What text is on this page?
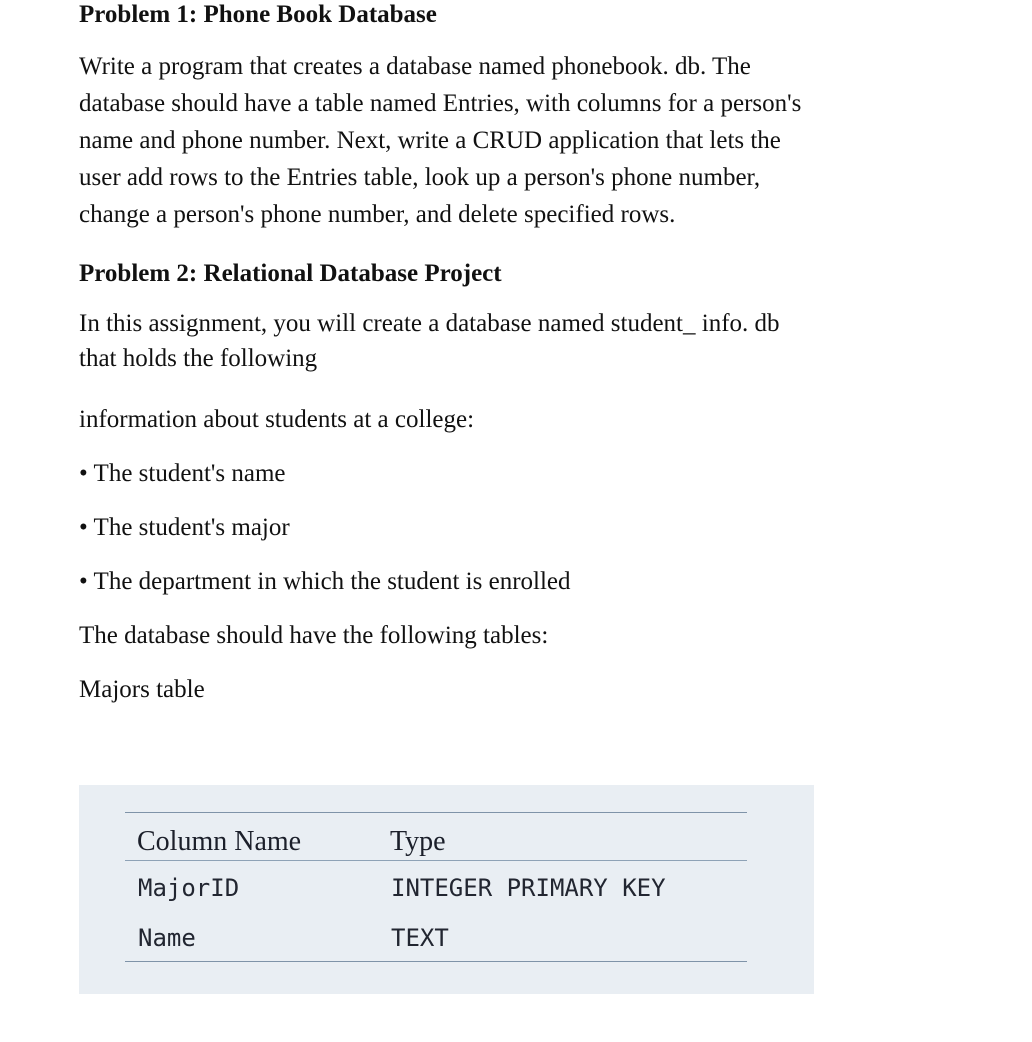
Problem 1: Phone Book Database
Write a program that creates a database named phonebook. db. The
database should have a table named Entries, with columns for a person's
name and phone number. Next, write a CRUD application that lets the
user add rows to the Entries table, look up a person's phone number,
change a person's phone number, and delete specified rows.
Problem 2: Relational Database Project
In this assignment, you will create a database named student_ info. db
that holds the following
information about students at a college:
• The student's name
• The student's major
• The department in which the student is enrolled
The database should have the following tables:
Majors table
Column Name	Type
MajorID	INTEGER PRIMARY KEY
Name	TEXT
